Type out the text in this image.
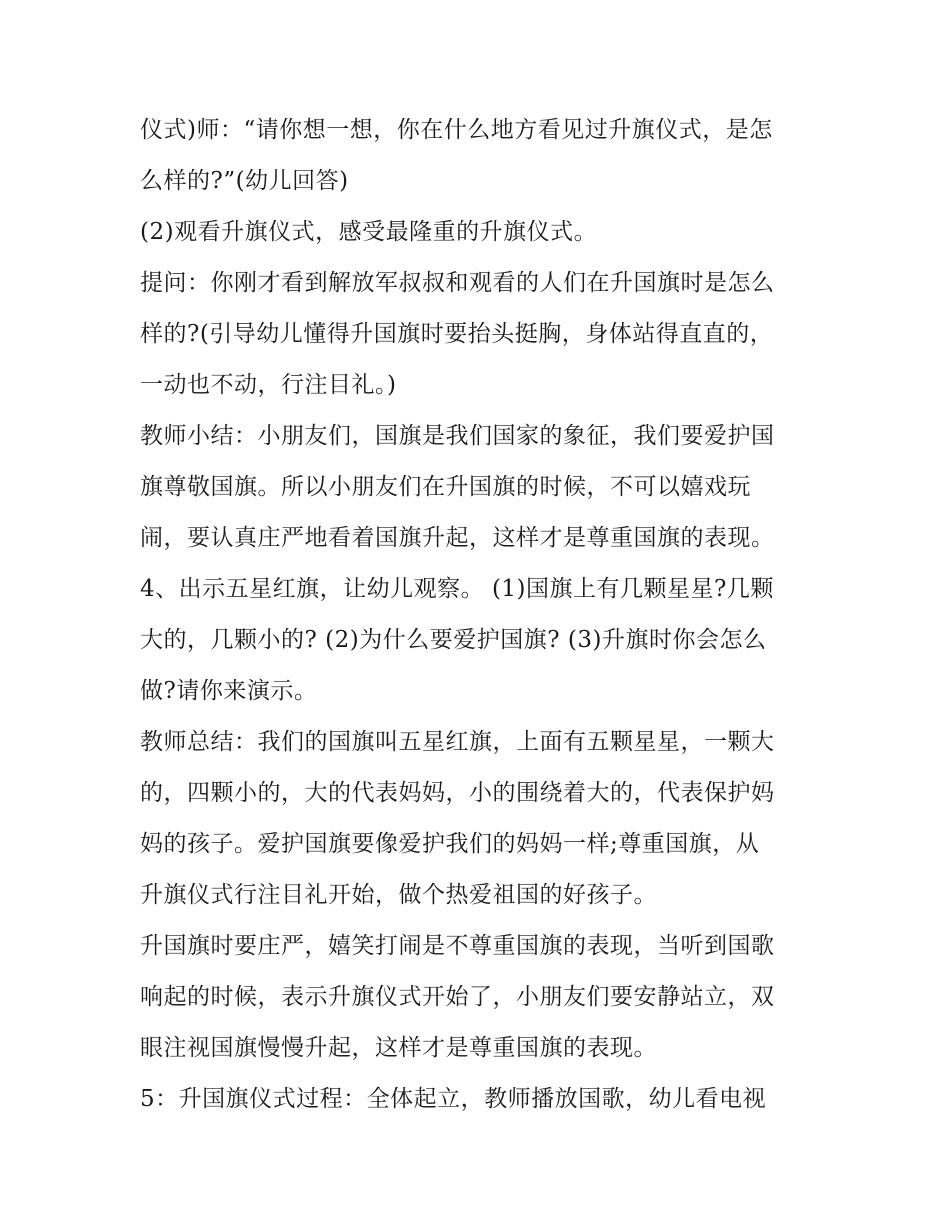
仪式)师：“请你想一想，你在什么地方看见过升旗仪式，是怎
么样的?”(幼儿回答)
(2)观看升旗仪式，感受最隆重的升旗仪式。
提问：你刚才看到解放军叔叔和观看的人们在升国旗时是怎么
样的?(引导幼儿懂得升国旗时要抬头挺胸，身体站得直直的，
一动也不动，行注目礼。)
教师小结：小朋友们，国旗是我们国家的象征，我们要爱护国
旗尊敬国旗。所以小朋友们在升国旗的时候，不可以嬉戏玩
闹，要认真庄严地看着国旗升起，这样才是尊重国旗的表现。
4、出示五星红旗，让幼儿观察。 (1)国旗上有几颗星星?几颗
大的，几颗小的? (2)为什么要爱护国旗? (3)升旗时你会怎么
做?请你来演示。
教师总结：我们的国旗叫五星红旗，上面有五颗星星，一颗大
的，四颗小的，大的代表妈妈，小的围绕着大的，代表保护妈
妈的孩子。爱护国旗要像爱护我们的妈妈一样;尊重国旗，从
升旗仪式行注目礼开始，做个热爱祖国的好孩子。
升国旗时要庄严，嬉笑打闹是不尊重国旗的表现，当听到国歌
响起的时候，表示升旗仪式开始了，小朋友们要安静站立，双
眼注视国旗慢慢升起，这样才是尊重国旗的表现。
5：升国旗仪式过程：全体起立，教师播放国歌，幼儿看电视
